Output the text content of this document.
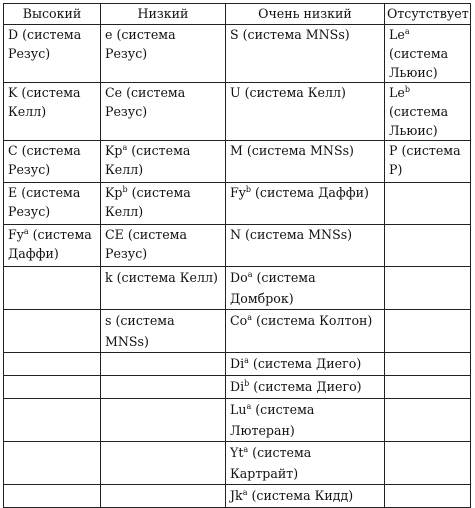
Высокий	Низкий	Очень низкий	Отсутствует
D (система Резус)	e (система Резус)	S (система MNSs)	Le$^a$ (система Льюис)
K (система Келл)	Ce (система Резус)	U (система Келл)	Le$^b$ (система Льюис)
C (система Резус)	Kp$^a$ (система Келл)	M (система MNSs)	P (система P)
E (система Резус)	Kp$^b$ (система Келл)	Fy$^b$ (система Даффи)	
Fy$^a$ (система Даффи)	CE (система Резус)	N (система MNSs)	
	k (система Келл)	Do$^a$ (система Домброк)	
	s (система MNSs)	Co$^a$ (система Колтон)	
		Di$^a$ (система Диего)	
		Di$^b$ (система Диего)	
		Lu$^a$ (система Лютеран)	
		Yt$^a$ (система Картрайт)	
		Jk$^a$ (система Кидд)	
